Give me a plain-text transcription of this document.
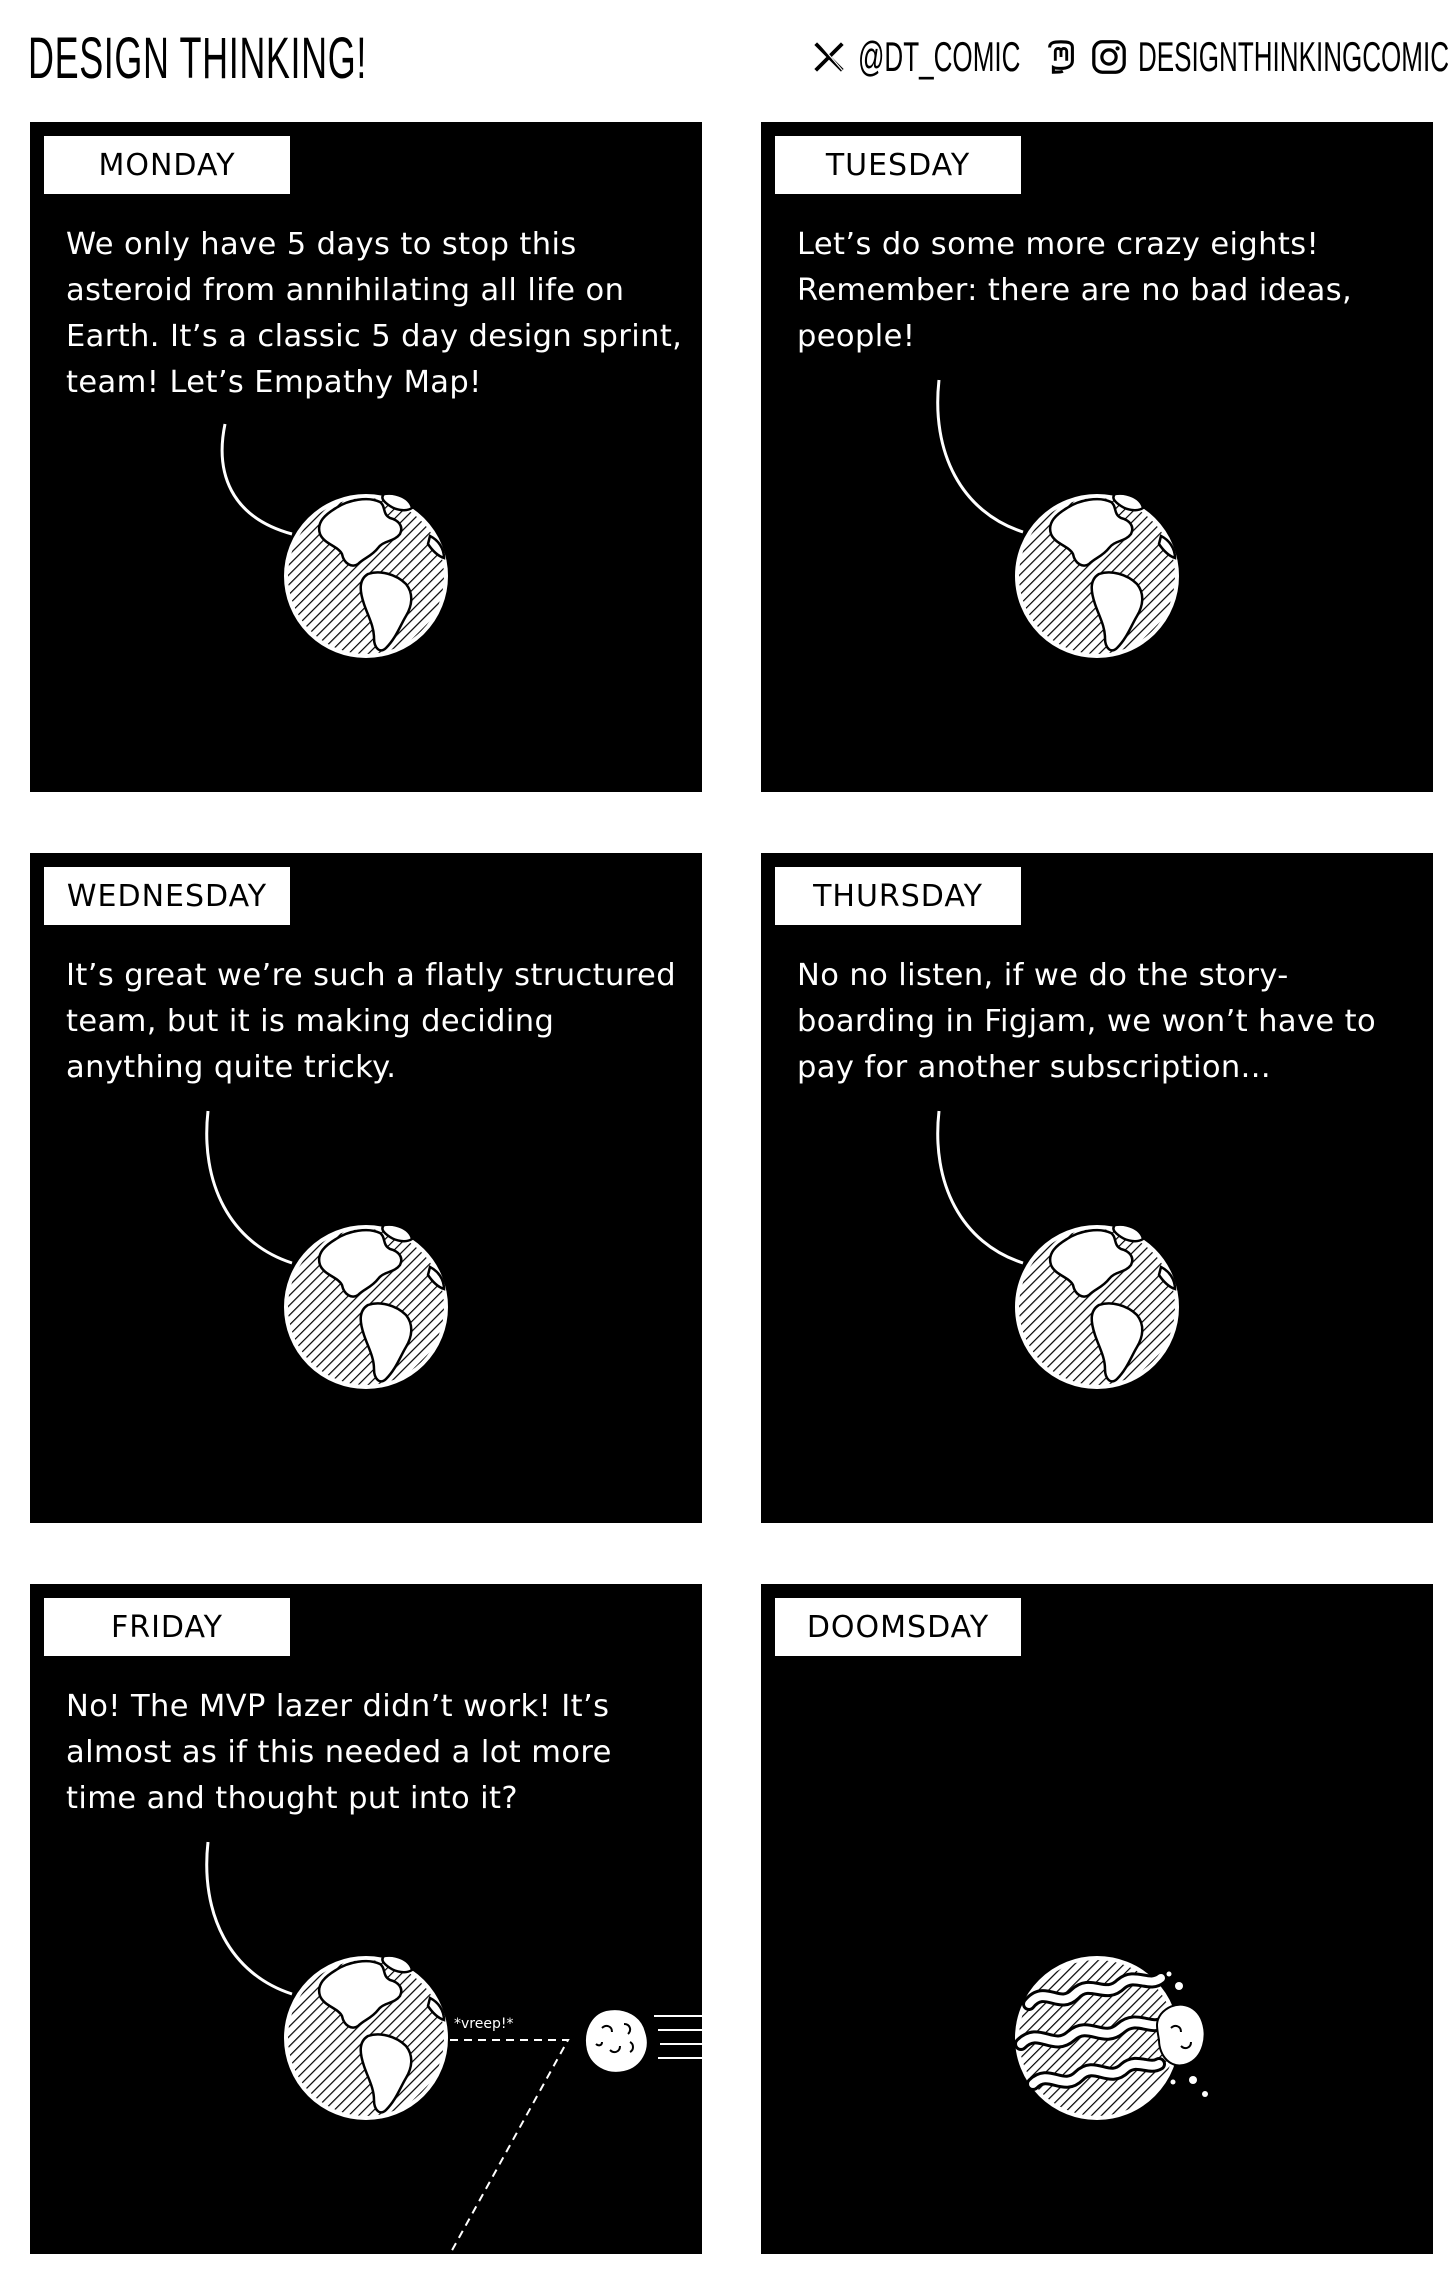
DESIGN THINKING!	@DT_COMIC	DESIGNTHINKINGCOMIC
MONDAY
We only have 5 days to stop this asteroid from annihilating all life on Earth. It’s a classic 5 day design sprint, team! Let’s Empathy Map!
TUESDAY
Let’s do some more crazy eights! Remember: there are no bad ideas, people!
WEDNESDAY
It’s great we’re such a flatly structured team, but it is making deciding anything quite tricky.
THURSDAY
No no listen, if we do the story-boarding in Figjam, we won’t have to pay for another subscription...
FRIDAY
No! The MVP lazer didn’t work! It’s almost as if this needed a lot more time and thought put into it?
*vreep!*
DOOMSDAY
